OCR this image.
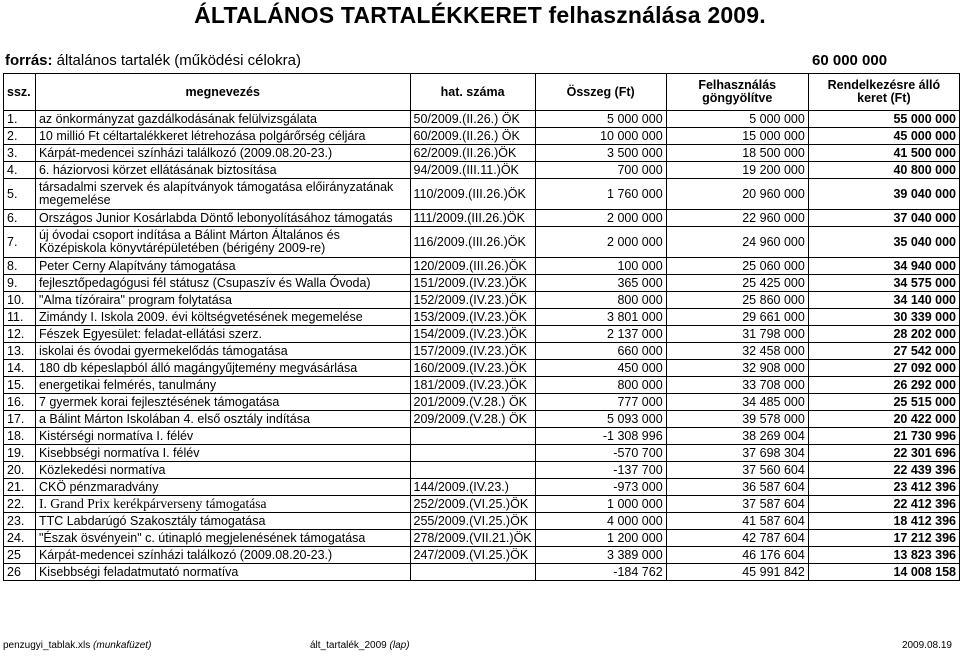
ÁLTALÁNOS TARTALÉKKERET felhasználása 2009.
forrás: általános tartalék (működési célokra)	60 000 000
ssz.	megnevezés	hat. száma	Összeg (Ft)	Felhasználás göngyölítve	Rendelkezésre álló keret (Ft)
1.	az önkormányzat gazdálkodásának felülvizsgálata	50/2009.(II.26.) ÖK	5 000 000	5 000 000	55 000 000
2.	10 millió Ft céltartalékkeret létrehozása polgárőrség céljára	60/2009.(II.26.) ÖK	10 000 000	15 000 000	45 000 000
3.	Kárpát-medencei színházi találkozó (2009.08.20-23.)	62/2009.(II.26.)ÖK	3 500 000	18 500 000	41 500 000
4.	6. háziorvosi körzet ellátásának biztosítása	94/2009.(III.11.)ÖK	700 000	19 200 000	40 800 000
5.	társadalmi szervek és alapítványok támogatása előirányzatának megemelése	110/2009.(III.26.)ÖK	1 760 000	20 960 000	39 040 000
6.	Országos Junior Kosárlabda Döntő lebonyolításához támogatás	111/2009.(III.26.)ÖK	2 000 000	22 960 000	37 040 000
7.	új óvodai csoport indítása a Bálint Márton Általános és Középiskola könyvtárépületében (bérigény 2009-re)	116/2009.(III.26.)ÖK	2 000 000	24 960 000	35 040 000
8.	Peter Cerny Alapítvány támogatása	120/2009.(III.26.)ÖK	100 000	25 060 000	34 940 000
9.	fejlesztőpedagógusi fél státusz (Csupaszív és Walla Óvoda)	151/2009.(IV.23.)ÖK	365 000	25 425 000	34 575 000
10.	"Alma tízóraira" program folytatása	152/2009.(IV.23.)ÖK	800 000	25 860 000	34 140 000
11.	Zimándy I. Iskola 2009. évi költségvetésének megemelése	153/2009.(IV.23.)ÖK	3 801 000	29 661 000	30 339 000
12.	Fészek Egyesület: feladat-ellátási szerz.	154/2009.(IV.23.)ÖK	2 137 000	31 798 000	28 202 000
13.	iskolai és óvodai gyermekelődás támogatása	157/2009.(IV.23.)ÖK	660 000	32 458 000	27 542 000
14.	180 db képeslapból álló magángyűjtemény megvásárlása	160/2009.(IV.23.)ÖK	450 000	32 908 000	27 092 000
15.	energetikai felmérés, tanulmány	181/2009.(IV.23.)ÖK	800 000	33 708 000	26 292 000
16.	7 gyermek korai fejlesztésének támogatása	201/2009.(V.28.) ÖK	777 000	34 485 000	25 515 000
17.	a Bálint Márton Iskolában 4. első osztály indítása	209/2009.(V.28.) ÖK	5 093 000	39 578 000	20 422 000
18.	Kistérségi normatíva I. félév		-1 308 996	38 269 004	21 730 996
19.	Kisebbségi normatíva I. félév		-570 700	37 698 304	22 301 696
20.	Közlekedési normatíva		-137 700	37 560 604	22 439 396
21.	CKÖ pénzmaradvány	144/2009.(IV.23.)	-973 000	36 587 604	23 412 396
22.	I. Grand Prix kerékpárverseny támogatása	252/2009.(VI.25.)ÖK	1 000 000	37 587 604	22 412 396
23.	TTC Labdarúgó Szakosztály támogatása	255/2009.(VI.25.)ÖK	4 000 000	41 587 604	18 412 396
24.	"Észak ösvényein" c. útinapló megjelenésének támogatása	278/2009.(VII.21.)ÖK	1 200 000	42 787 604	17 212 396
25	Kárpát-medencei színházi találkozó (2009.08.20-23.)	247/2009.(VI.25.)ÖK	3 389 000	46 176 604	13 823 396
26	Kisebbségi feladatmutató normatíva		-184 762	45 991 842	14 008 158
penzugyi_tablak.xls (munkafüzet)	ált_tartalék_2009 (lap)	2009.08.19
